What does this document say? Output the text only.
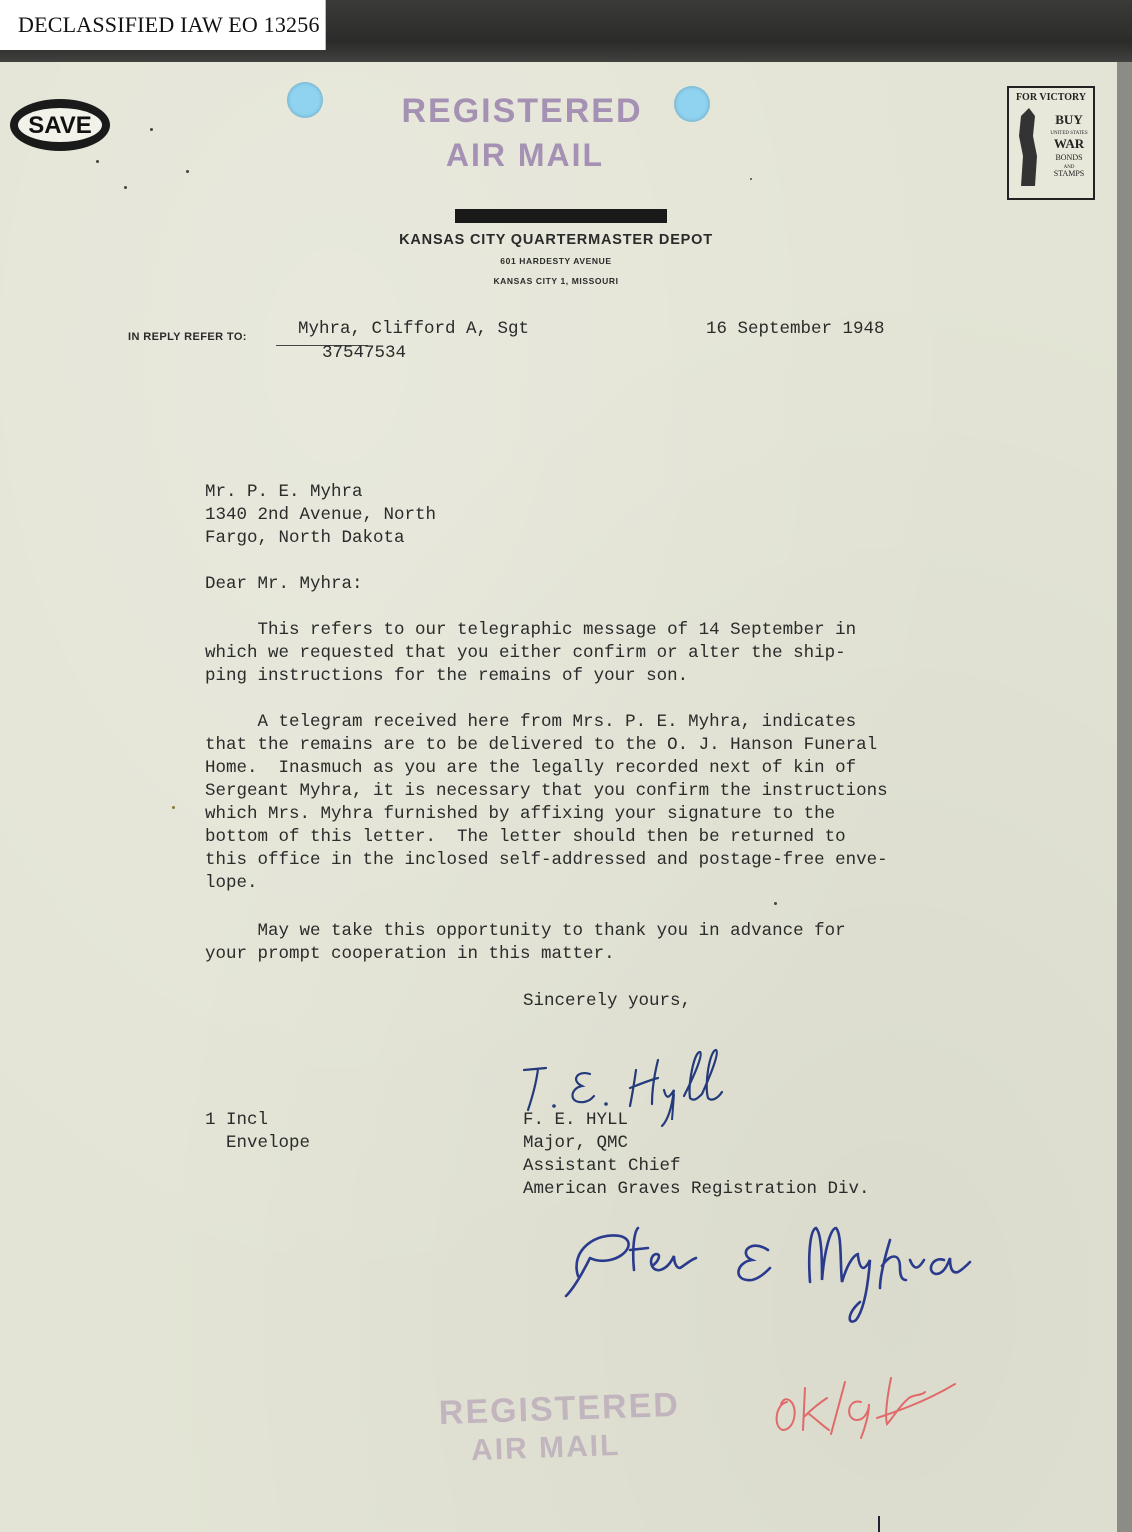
DECLASSIFIED IAW EO 13256
SAVE
FOR VICTORY
BUY
UNITED STATES
WAR
BONDS
AND
STAMPS
REGISTERED
AIR MAIL
KANSAS CITY QUARTERMASTER DEPOT
601 HARDESTY AVENUE
KANSAS CITY 1, MISSOURI
IN REPLY REFER TO:	Myhra, Clifford A, Sgt
37547534
16 September 1948
Mr. P. E. Myhra
1340 2nd Avenue, North
Fargo, North Dakota
Dear Mr. Myhra:
This refers to our telegraphic message of 14 September in
which we requested that you either confirm or alter the ship-
ping instructions for the remains of your son.
A telegram received here from Mrs. P. E. Myhra, indicates
that the remains are to be delivered to the O. J. Hanson Funeral
Home.  Inasmuch as you are the legally recorded next of kin of
Sergeant Myhra, it is necessary that you confirm the instructions
which Mrs. Myhra furnished by affixing your signature to the
bottom of this letter.  The letter should then be returned to
this office in the inclosed self-addressed and postage-free enve-
lope.
May we take this opportunity to thank you in advance for
your prompt cooperation in this matter.
Sincerely yours,
F. E. Hyll
F. E. HYLL
Major, QMC
Assistant Chief
American Graves Registration Div.
1 Incl
Envelope
Peter E Myhra
REGISTERED
AIR MAIL
OK/pd
